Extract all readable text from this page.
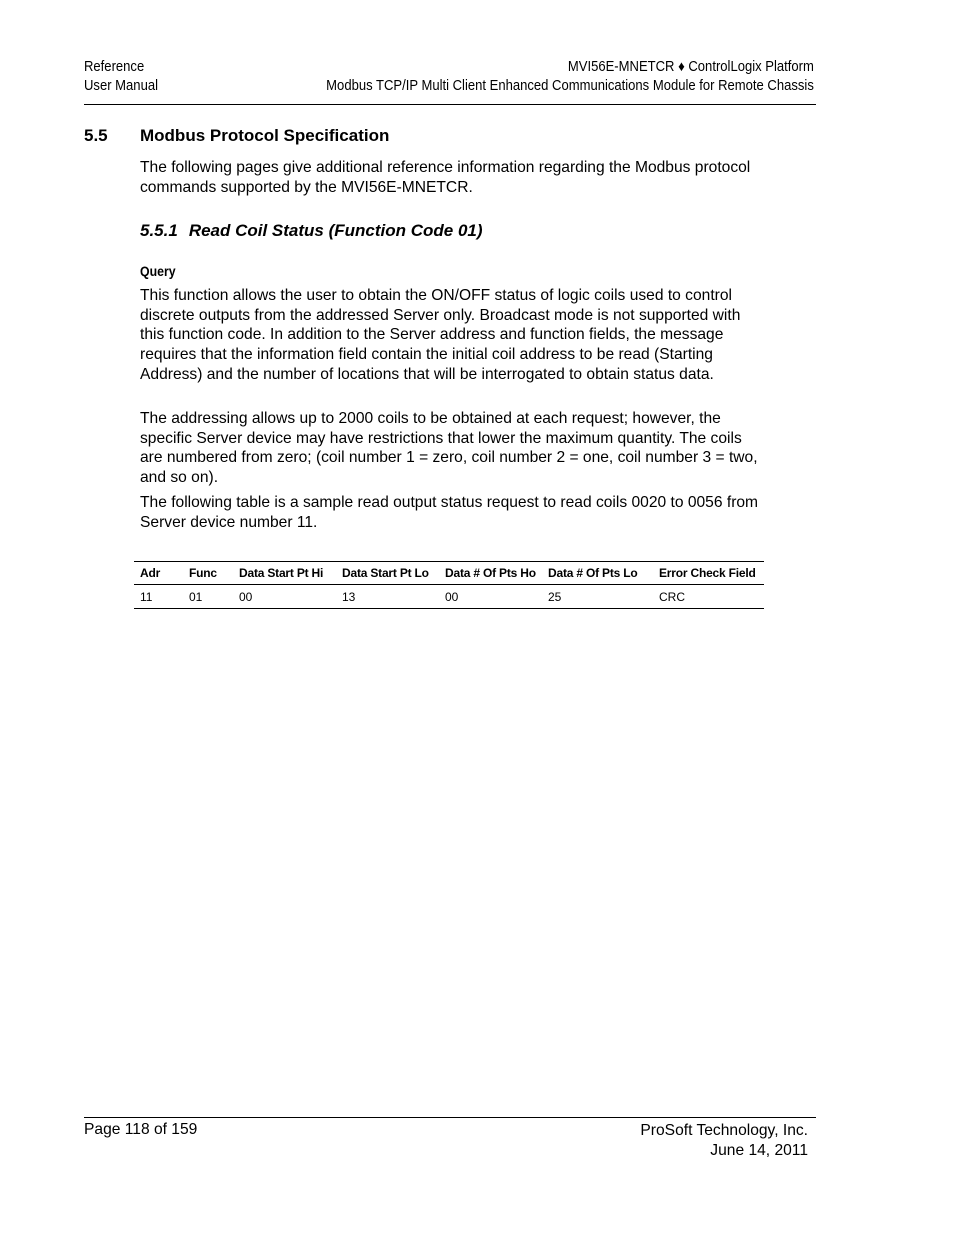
Reference
User Manual
MVI56E-MNETCR ♦ ControlLogix Platform
Modbus TCP/IP Multi Client Enhanced Communications Module for Remote Chassis
5.5 Modbus Protocol Specification
The following pages give additional reference information regarding the Modbus protocol commands supported by the MVI56E-MNETCR.
5.5.1 Read Coil Status (Function Code 01)
Query
This function allows the user to obtain the ON/OFF status of logic coils used to control discrete outputs from the addressed Server only. Broadcast mode is not supported with this function code. In addition to the Server address and function fields, the message requires that the information field contain the initial coil address to be read (Starting Address) and the number of locations that will be interrogated to obtain status data.
The addressing allows up to 2000 coils to be obtained at each request; however, the specific Server device may have restrictions that lower the maximum quantity. The coils are numbered from zero; (coil number 1 = zero, coil number 2 = one, coil number 3 = two, and so on).
The following table is a sample read output status request to read coils 0020 to 0056 from Server device number 11.
Adr	Func	Data Start Pt Hi	Data Start Pt Lo	Data # Of Pts Ho	Data # Of Pts Lo	Error Check Field
11	01	00	13	00	25	CRC
Page 118 of 159	ProSoft Technology, Inc.
June 14, 2011
